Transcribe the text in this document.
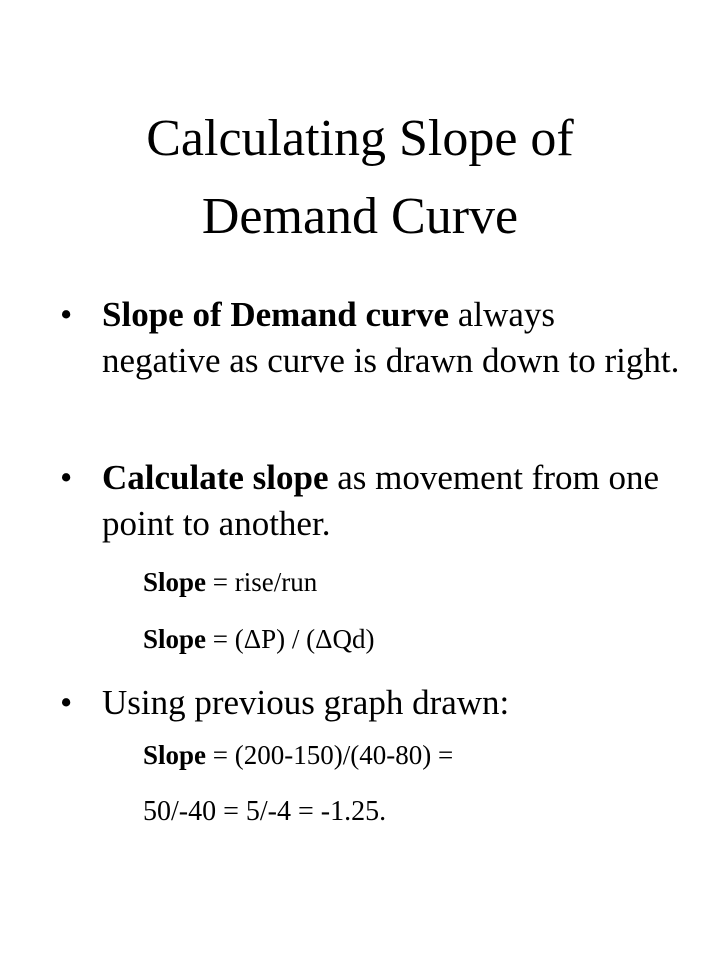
Calculating Slope of
Demand Curve
• Slope of Demand curve always negative as curve is drawn down to right.
• Calculate slope as movement from one point to another.
Slope = rise/run
Slope = (ΔP) / (ΔQd)
• Using previous graph drawn:
Slope = (200-150)/(40-80) =
50/-40 = 5/-4 = -1.25.
